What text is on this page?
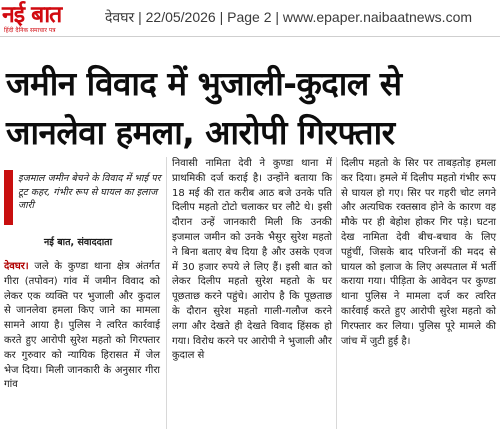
नई बात
हिंदी दैनिक समाचार पत्र
देवघर | 22/05/2026 | Page 2 | www.epaper.naibaatnews.com
जमीन विवाद में भुजाली-कुदाल से
जानलेवा हमला, आरोपी गिरफ्तार
इजमाल जमीन बेचने के विवाद में भाई पर टूट कहर, गंभीर रूप से घायल का इलाज जारी
नई बात, संवाददाता

देवघर। जले के कुण्डा थाना क्षेत्र अंतर्गत गीरा (तपोवन) गांव में जमीन विवाद को लेकर एक व्यक्ति पर भुजाली और कुदाल से जानलेवा हमला किए जाने का मामला सामने आया है। पुलिस ने त्वरित कार्रवाई करते हुए आरोपी सुरेश महतो को गिरफ्तार कर गुरुवार को न्यायिक हिरासत में जेल भेज दिया। मिली जानकारी के अनुसार गीरा गांव

निवासी नामिता देवी ने कुण्डा थाना में प्राथमिकी दर्ज कराई है। उन्होंने बताया कि 18 मई की रात करीब आठ बजे उनके पति दिलीप महतो टोटो चलाकर घर लौटे थे। इसी दौरान उन्हें जानकारी मिली कि उनकी इजमाल जमीन को उनके भैसुर सुरेश महतो ने बिना बताए बेच दिया है और उसके एवज में 30 हजार रुपये ले लिए हैं। इसी बात को लेकर दिलीप महतो सुरेश महतो के घर पूछताछ करने पहुंचे। आरोप है कि पूछताछ के दौरान सुरेश महतो गाली-गलौज करने लगा और देखते ही देखते विवाद हिंसक हो गया। विरोध करने पर आरोपी ने भुजाली और कुदाल से

दिलीप महतो के सिर पर ताबड़तोड़ हमला कर दिया। हमले में दिलीप महतो गंभीर रूप से घायल हो गए। सिर पर गहरी चोट लगने और अत्यधिक रक्तस्राव होने के कारण वह मौके पर ही बेहोश होकर गिर पड़े। घटना देख नामिता देवी बीच-बचाव के लिए पहुंचीं, जिसके बाद परिजनों की मदद से घायल को इलाज के लिए अस्पताल में भर्ती कराया गया। पीड़िता के आवेदन पर कुण्डा थाना पुलिस ने मामला दर्ज कर त्वरित कार्रवाई करते हुए आरोपी सुरेश महतो को गिरफ्तार कर लिया। पुलिस पूरे मामले की जांच में जुटी हुई है।
